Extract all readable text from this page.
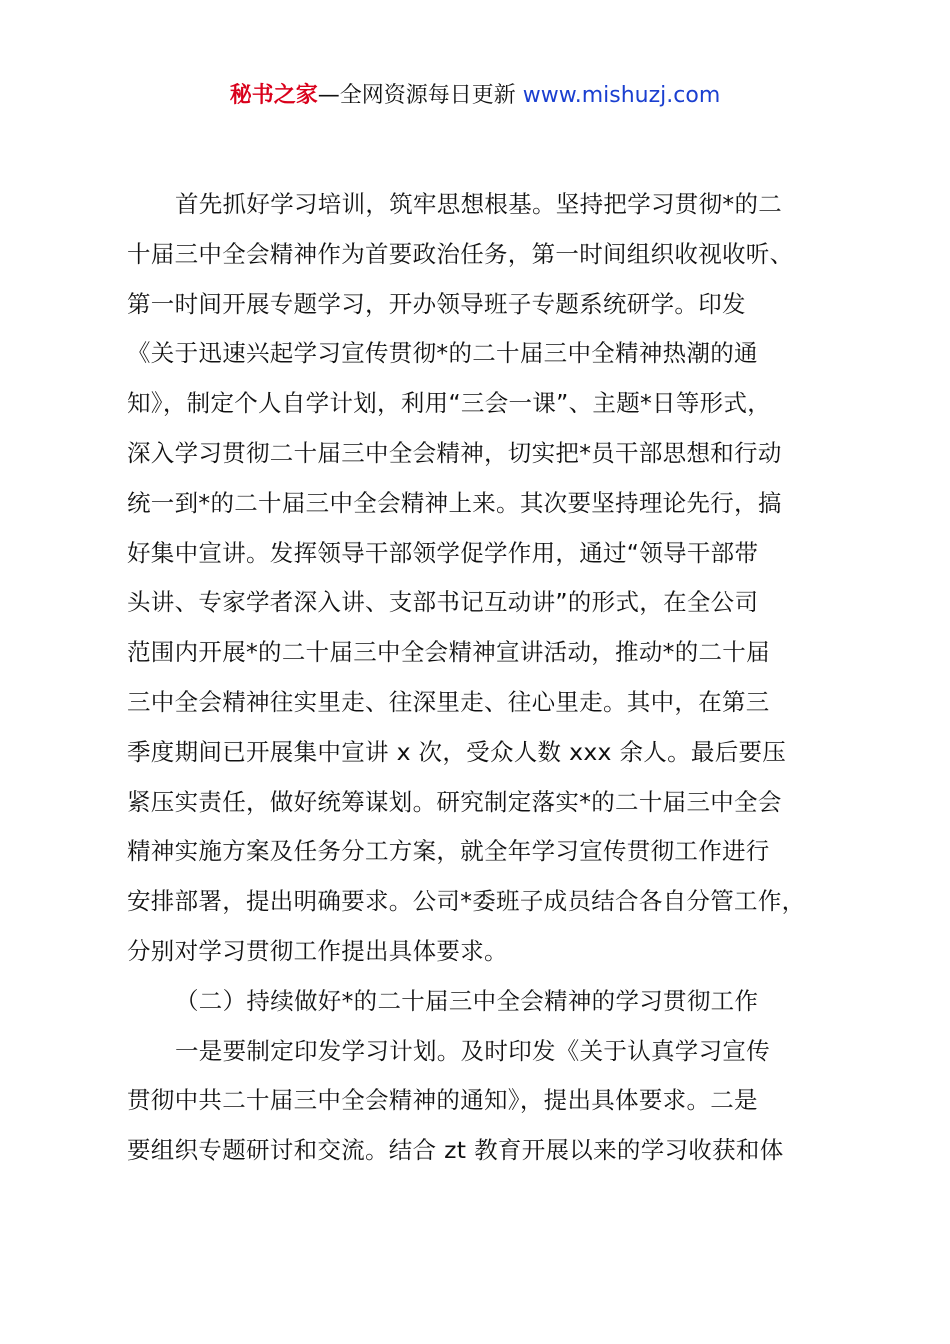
秘书之家—全网资源每日更新 www.mishuzj.com
首先抓好学习培训，筑牢思想根基。坚持把学习贯彻*的二
十届三中全会精神作为首要政治任务，第一时间组织收视收听、
第一时间开展专题学习，开办领导班子专题系统研学。印发
《关于迅速兴起学习宣传贯彻*的二十届三中全精神热潮的通
知》，制定个人自学计划，利用“三会一课”、主题*日等形式，
深入学习贯彻二十届三中全会精神，切实把*员干部思想和行动
统一到*的二十届三中全会精神上来。其次要坚持理论先行，搞
好集中宣讲。发挥领导干部领学促学作用，通过“领导干部带
头讲、专家学者深入讲、支部书记互动讲”的形式，在全公司
范围内开展*的二十届三中全会精神宣讲活动，推动*的二十届
三中全会精神往实里走、往深里走、往心里走。其中，在第三
季度期间已开展集中宣讲 x 次，受众人数 xxx 余人。最后要压
紧压实责任，做好统筹谋划。研究制定落实*的二十届三中全会
精神实施方案及任务分工方案，就全年学习宣传贯彻工作进行
安排部署，提出明确要求。公司*委班子成员结合各自分管工作，
分别对学习贯彻工作提出具体要求。
（二）持续做好*的二十届三中全会精神的学习贯彻工作
一是要制定印发学习计划。及时印发《关于认真学习宣传
贯彻中共二十届三中全会精神的通知》，提出具体要求。二是
要组织专题研讨和交流。结合 zt 教育开展以来的学习收获和体
